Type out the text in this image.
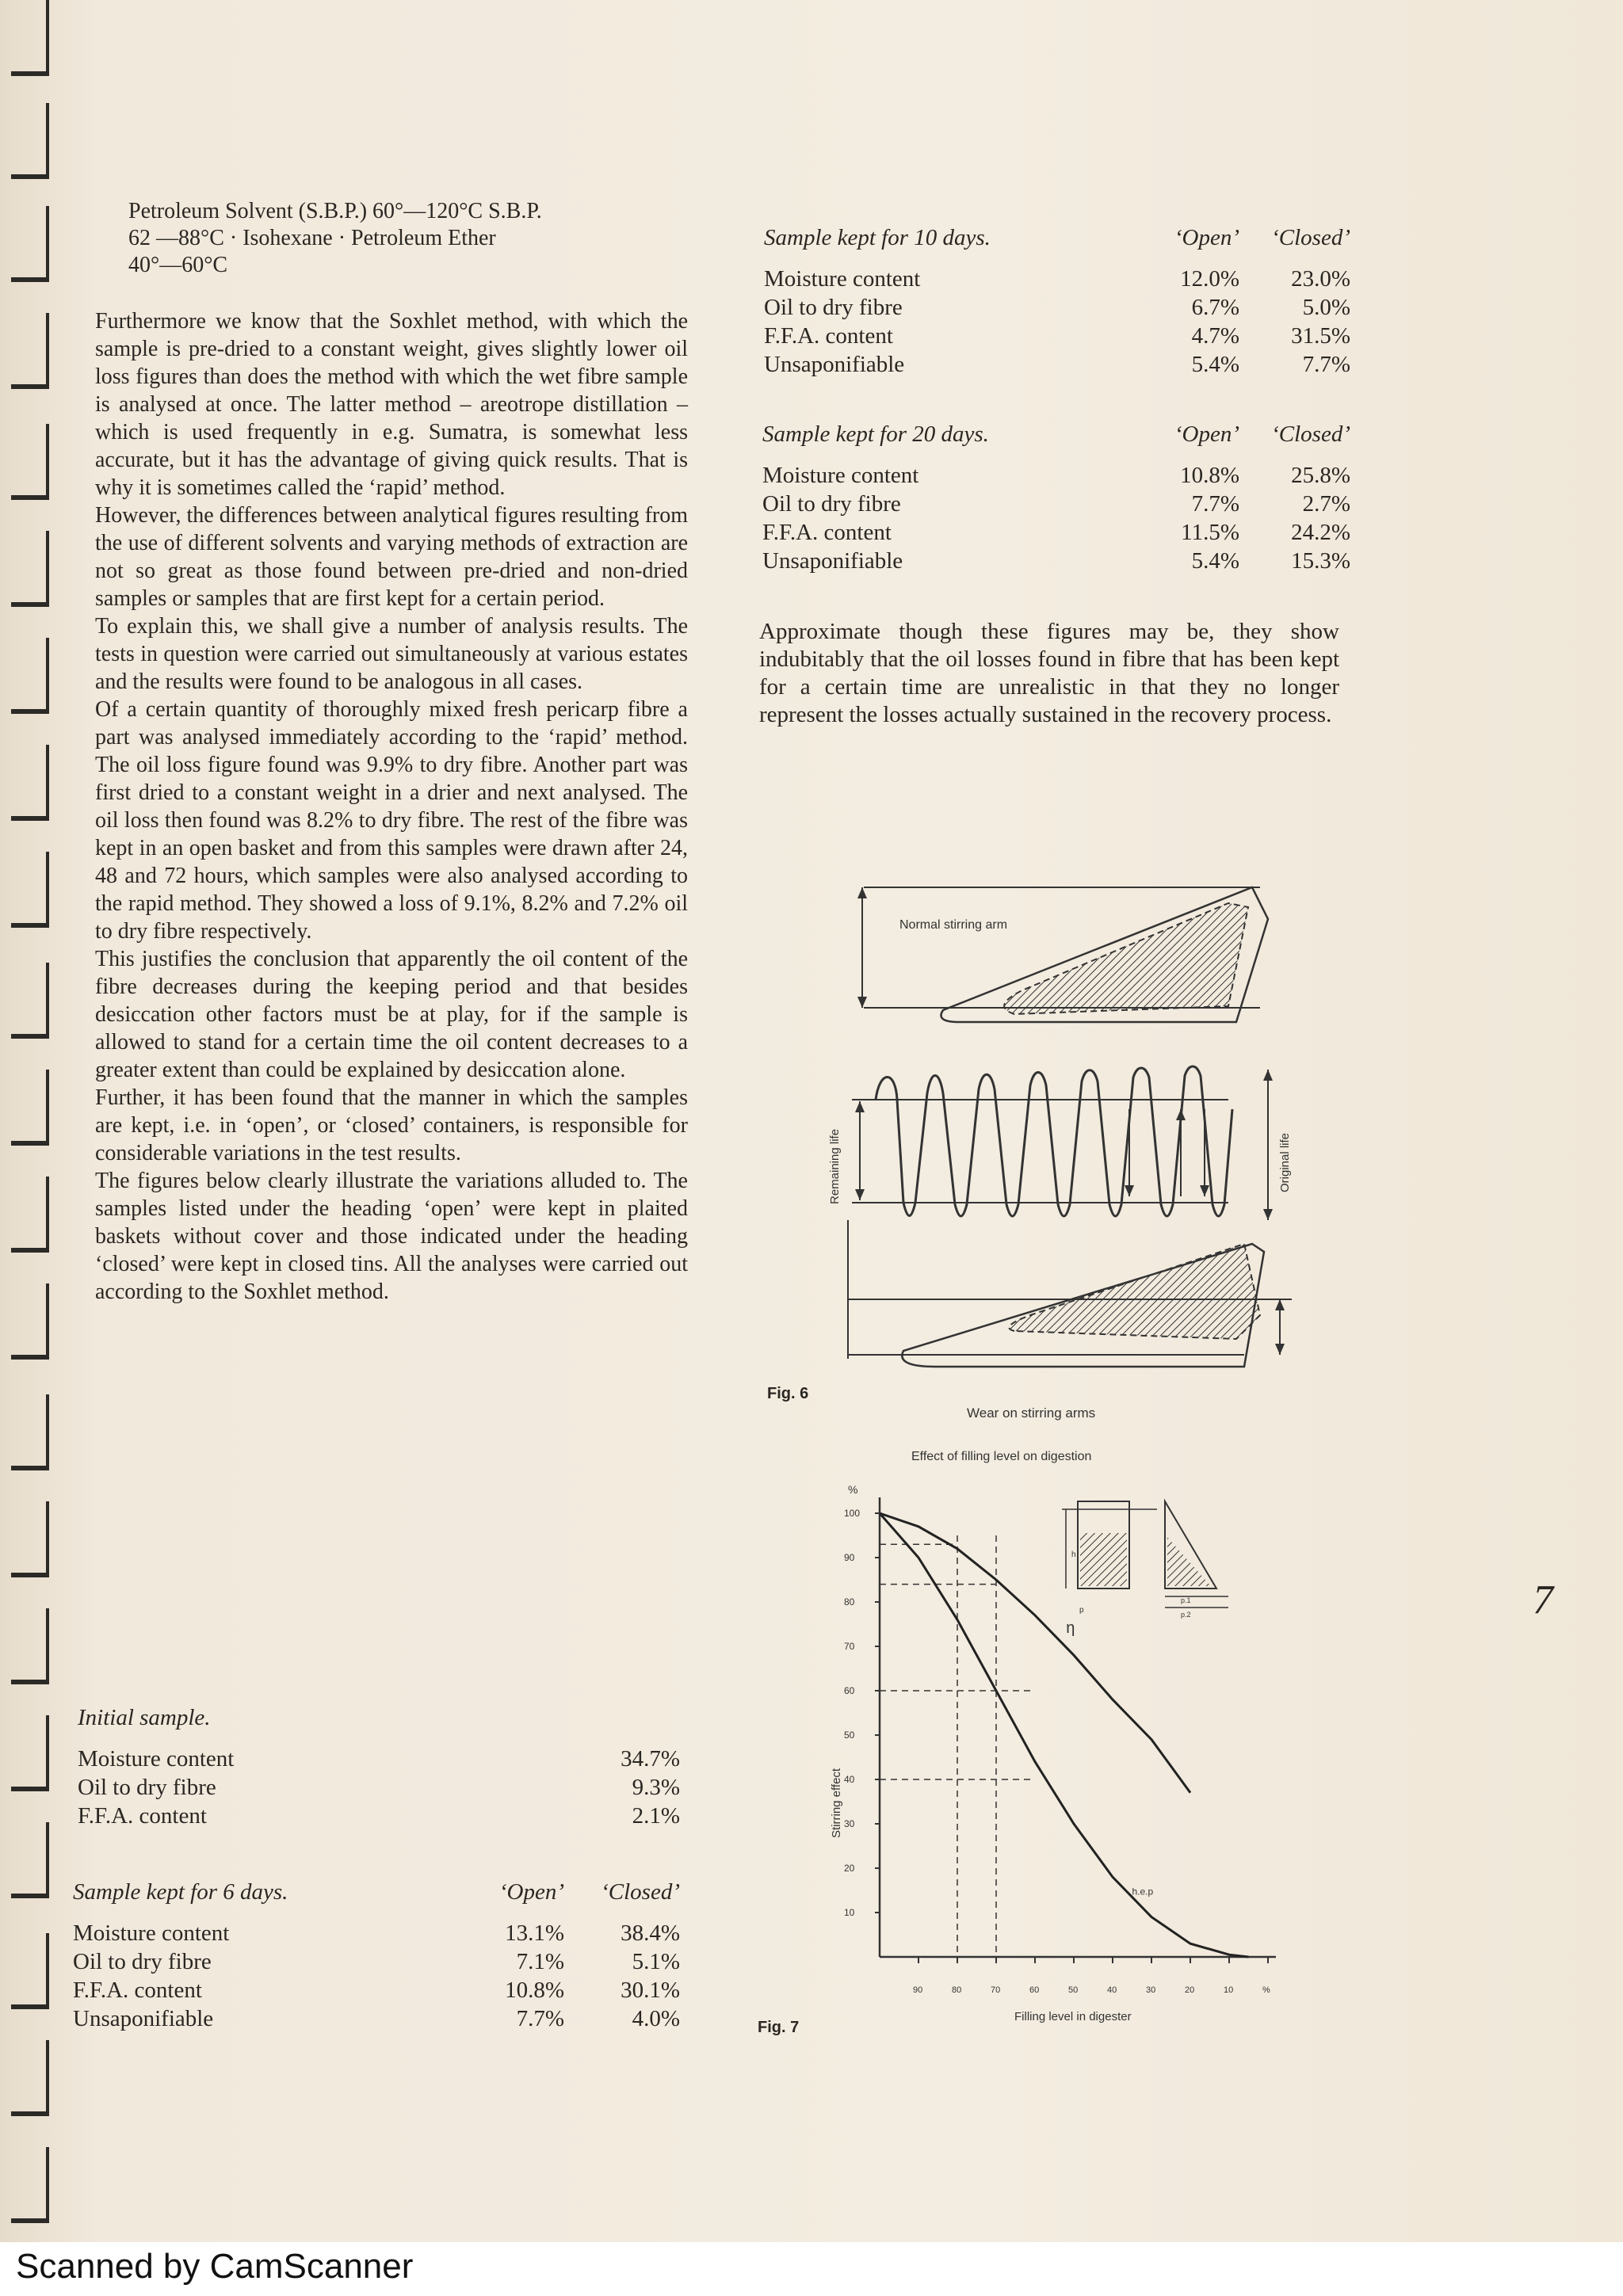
Petroleum Solvent (S.B.P.) 60°—120°C S.B.P.
62 —88°C · Isohexane · Petroleum Ether
40°—60°C

Furthermore we know that the Soxhlet method, with which the sample is pre-dried to a constant weight, gives slightly lower oil loss figures than does the method with which the wet fibre sample is analysed at once. The latter method – areotrope distillation – which is used frequently in e.g. Sumatra, is somewhat less accurate, but it has the advantage of giving quick results. That is why it is sometimes called the ‘rapid’ method.

However, the differences between analytical figures resulting from the use of different solvents and varying methods of extraction are not so great as those found between pre-dried and non-dried samples or samples that are first kept for a certain period.

To explain this, we shall give a number of analysis results. The tests in question were carried out simultaneously at various estates and the results were found to be analogous in all cases.

Of a certain quantity of thoroughly mixed fresh pericarp fibre a part was analysed immediately according to the ‘rapid’ method. The oil loss figure found was 9.9% to dry fibre. Another part was first dried to a constant weight in a drier and next analysed. The oil loss then found was 8.2% to dry fibre. The rest of the fibre was kept in an open basket and from this samples were drawn after 24, 48 and 72 hours, which samples were also analysed according to the rapid method. They showed a loss of 9.1%, 8.2% and 7.2% oil to dry fibre respectively.

This justifies the conclusion that apparently the oil content of the fibre decreases during the keeping period and that besides desiccation other factors must be at play, for if the sample is allowed to stand for a certain time the oil content decreases to a greater extent than could be explained by desiccation alone.

Further, it has been found that the manner in which the samples are kept, i.e. in ‘open’, or ‘closed’ containers, is responsible for considerable variations in the test results.

The figures below clearly illustrate the variations alluded to. The samples listed under the heading ‘open’ were kept in plaited baskets without cover and those indicated under the heading ‘closed’ were kept in closed tins. All the analyses were carried out according to the Soxhlet method.

Initial sample.	
Moisture content	34.7%
Oil to dry fibre	9.3%
F.F.A. content	2.1%
Sample kept for 6 days.	‘Open’	‘Closed’
Moisture content	13.1%	38.4%
Oil to dry fibre	7.1%	5.1%
F.F.A. content	10.8%	30.1%
Unsaponifiable	7.7%	4.0%
Sample kept for 10 days.	‘Open’	‘Closed’
Moisture content	12.0%	23.0%
Oil to dry fibre	6.7%	5.0%
F.F.A. content	4.7%	31.5%
Unsaponifiable	5.4%	7.7%
Sample kept for 20 days.	‘Open’	‘Closed’
Moisture content	10.8%	25.8%
Oil to dry fibre	7.7%	2.7%
F.F.A. content	11.5%	24.2%
Unsaponifiable	5.4%	15.3%

Approximate though these figures may be, they show indubitably that the oil losses found in fibre that has been kept for a certain time are unrealistic in that they no longer represent the losses actually sustained in the recovery process.

Normal stirring arm
Remaining life	Original life
Fig. 6
Wear on stirring arms
Effect of filling level on digestion
%
100
90
80
70
60
50
40
30
20
10
90	80	70	60	50	40	30	20	10	%
Stirring effect
Filling level in digester
η
h.e.p
p
h
p.1
p.2
Fig. 7
7
Scanned by CamScanner
